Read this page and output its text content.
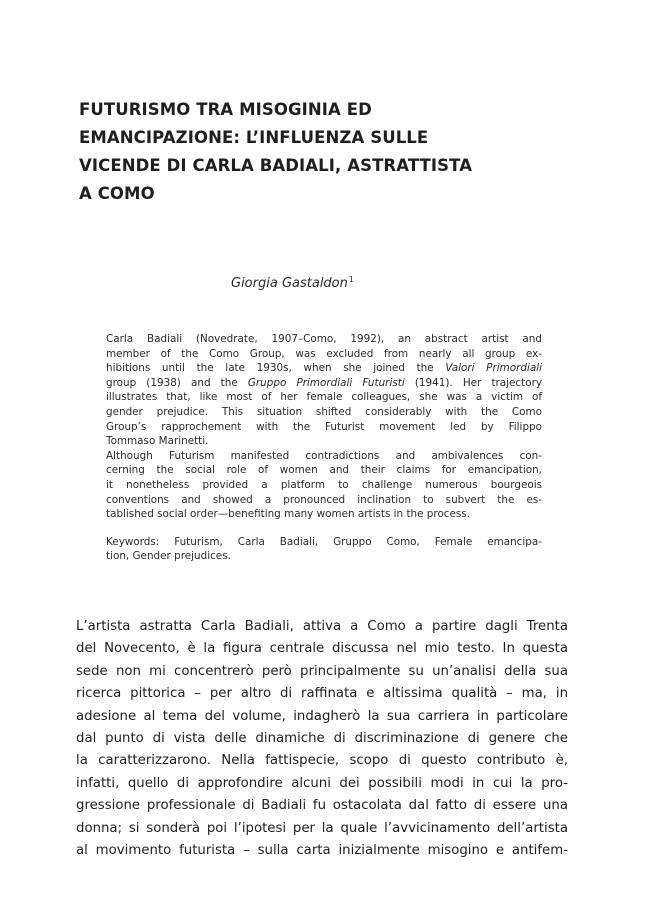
FUTURISMO TRA MISOGINIA ED
EMANCIPAZIONE: L’INFLUENZA SULLE
VICENDE DI CARLA BADIALI, ASTRATTISTA
A COMO
Giorgia Gastaldon$^1$
Carla Badiali (Novedrate, 1907–Como, 1992), an abstract artist and
member of the Como Group, was excluded from nearly all group ex-
hibitions until the late 1930s, when she joined the Valori Primordiali
group (1938) and the Gruppo Primordiali Futuristi (1941). Her trajectory
illustrates that, like most of her female colleagues, she was a victim of
gender prejudice. This situation shifted considerably with the Como
Group’s rapprochement with the Futurist movement led by Filippo
Tommaso Marinetti.
Although Futurism manifested contradictions and ambivalences con-
cerning the social role of women and their claims for emancipation,
it nonetheless provided a platform to challenge numerous bourgeois
conventions and showed a pronounced inclination to subvert the es-
tablished social order—benefiting many women artists in the process.
Keywords: Futurism, Carla Badiali, Gruppo Como, Female emancipa-
tion, Gender prejudices.
L’artista astratta Carla Badiali, attiva a Como a partire dagli Trenta
del Novecento, è la figura centrale discussa nel mio testo. In questa
sede non mi concentrerò però principalmente su un’analisi della sua
ricerca pittorica – per altro di raffinata e altissima qualità – ma, in
adesione al tema del volume, indagherò la sua carriera in particolare
dal punto di vista delle dinamiche di discriminazione di genere che
la caratterizzarono. Nella fattispecie, scopo di questo contributo è,
infatti, quello di approfondire alcuni dei possibili modi in cui la pro-
gressione professionale di Badiali fu ostacolata dal fatto di essere una
donna; si sonderà poi l’ipotesi per la quale l’avvicinamento dell’artista
al movimento futurista – sulla carta inizialmente misogino e antifem-
